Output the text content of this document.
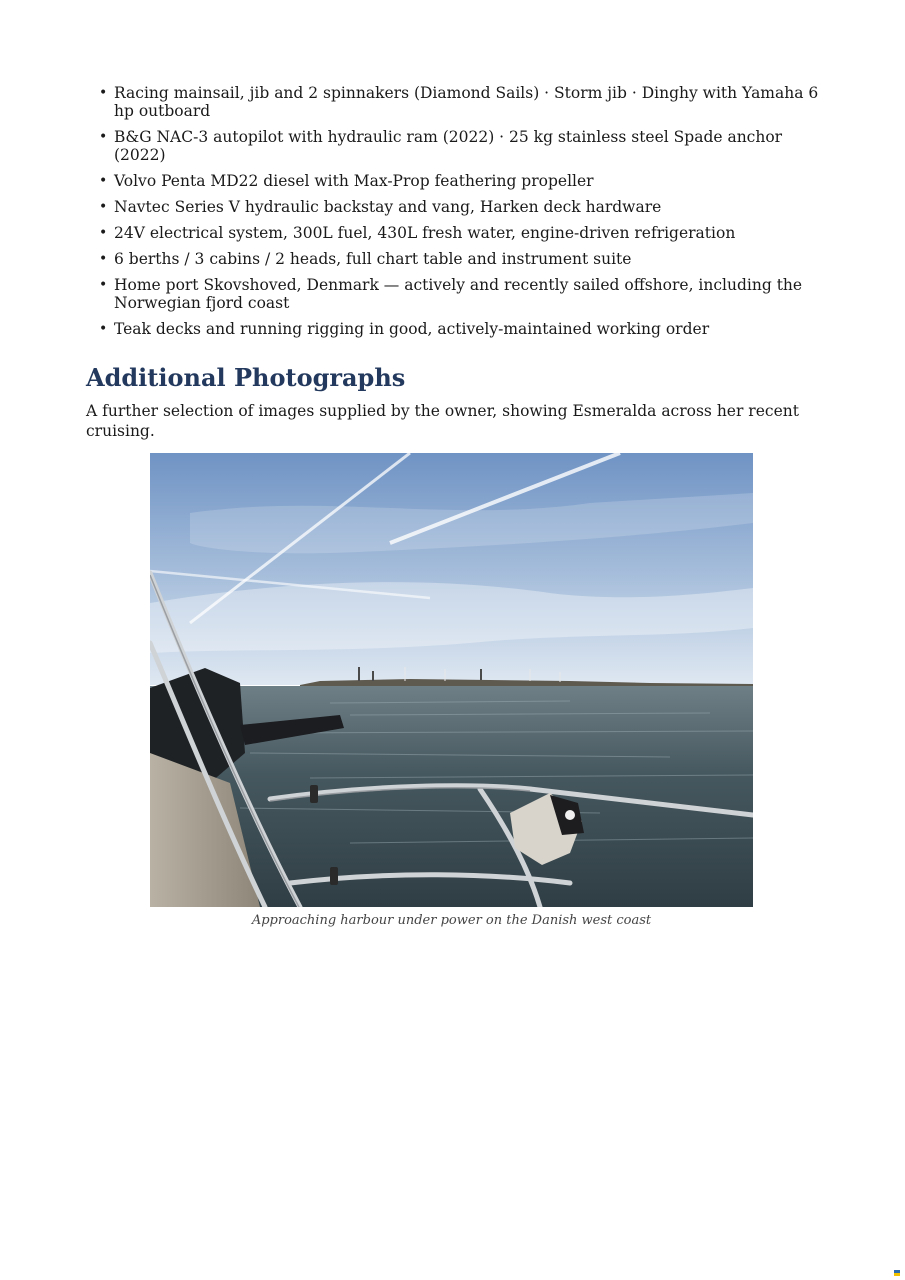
• Racing mainsail, jib and 2 spinnakers (Diamond Sails) · Storm jib · Dinghy with Yamaha 6 hp outboard
• B&G NAC-3 autopilot with hydraulic ram (2022) · 25 kg stainless steel Spade anchor (2022)
• Volvo Penta MD22 diesel with Max-Prop feathering propeller
• Navtec Series V hydraulic backstay and vang, Harken deck hardware
• 24V electrical system, 300L fuel, 430L fresh water, engine-driven refrigeration
• 6 berths / 3 cabins / 2 heads, full chart table and instrument suite
• Home port Skovshoved, Denmark — actively and recently sailed offshore, including the Norwegian fjord coast
• Teak decks and running rigging in good, actively-maintained working order
Additional Photographs

A further selection of images supplied by the owner, showing Esmeralda across her recent cruising.

Approaching harbour under power on the Danish west coast
